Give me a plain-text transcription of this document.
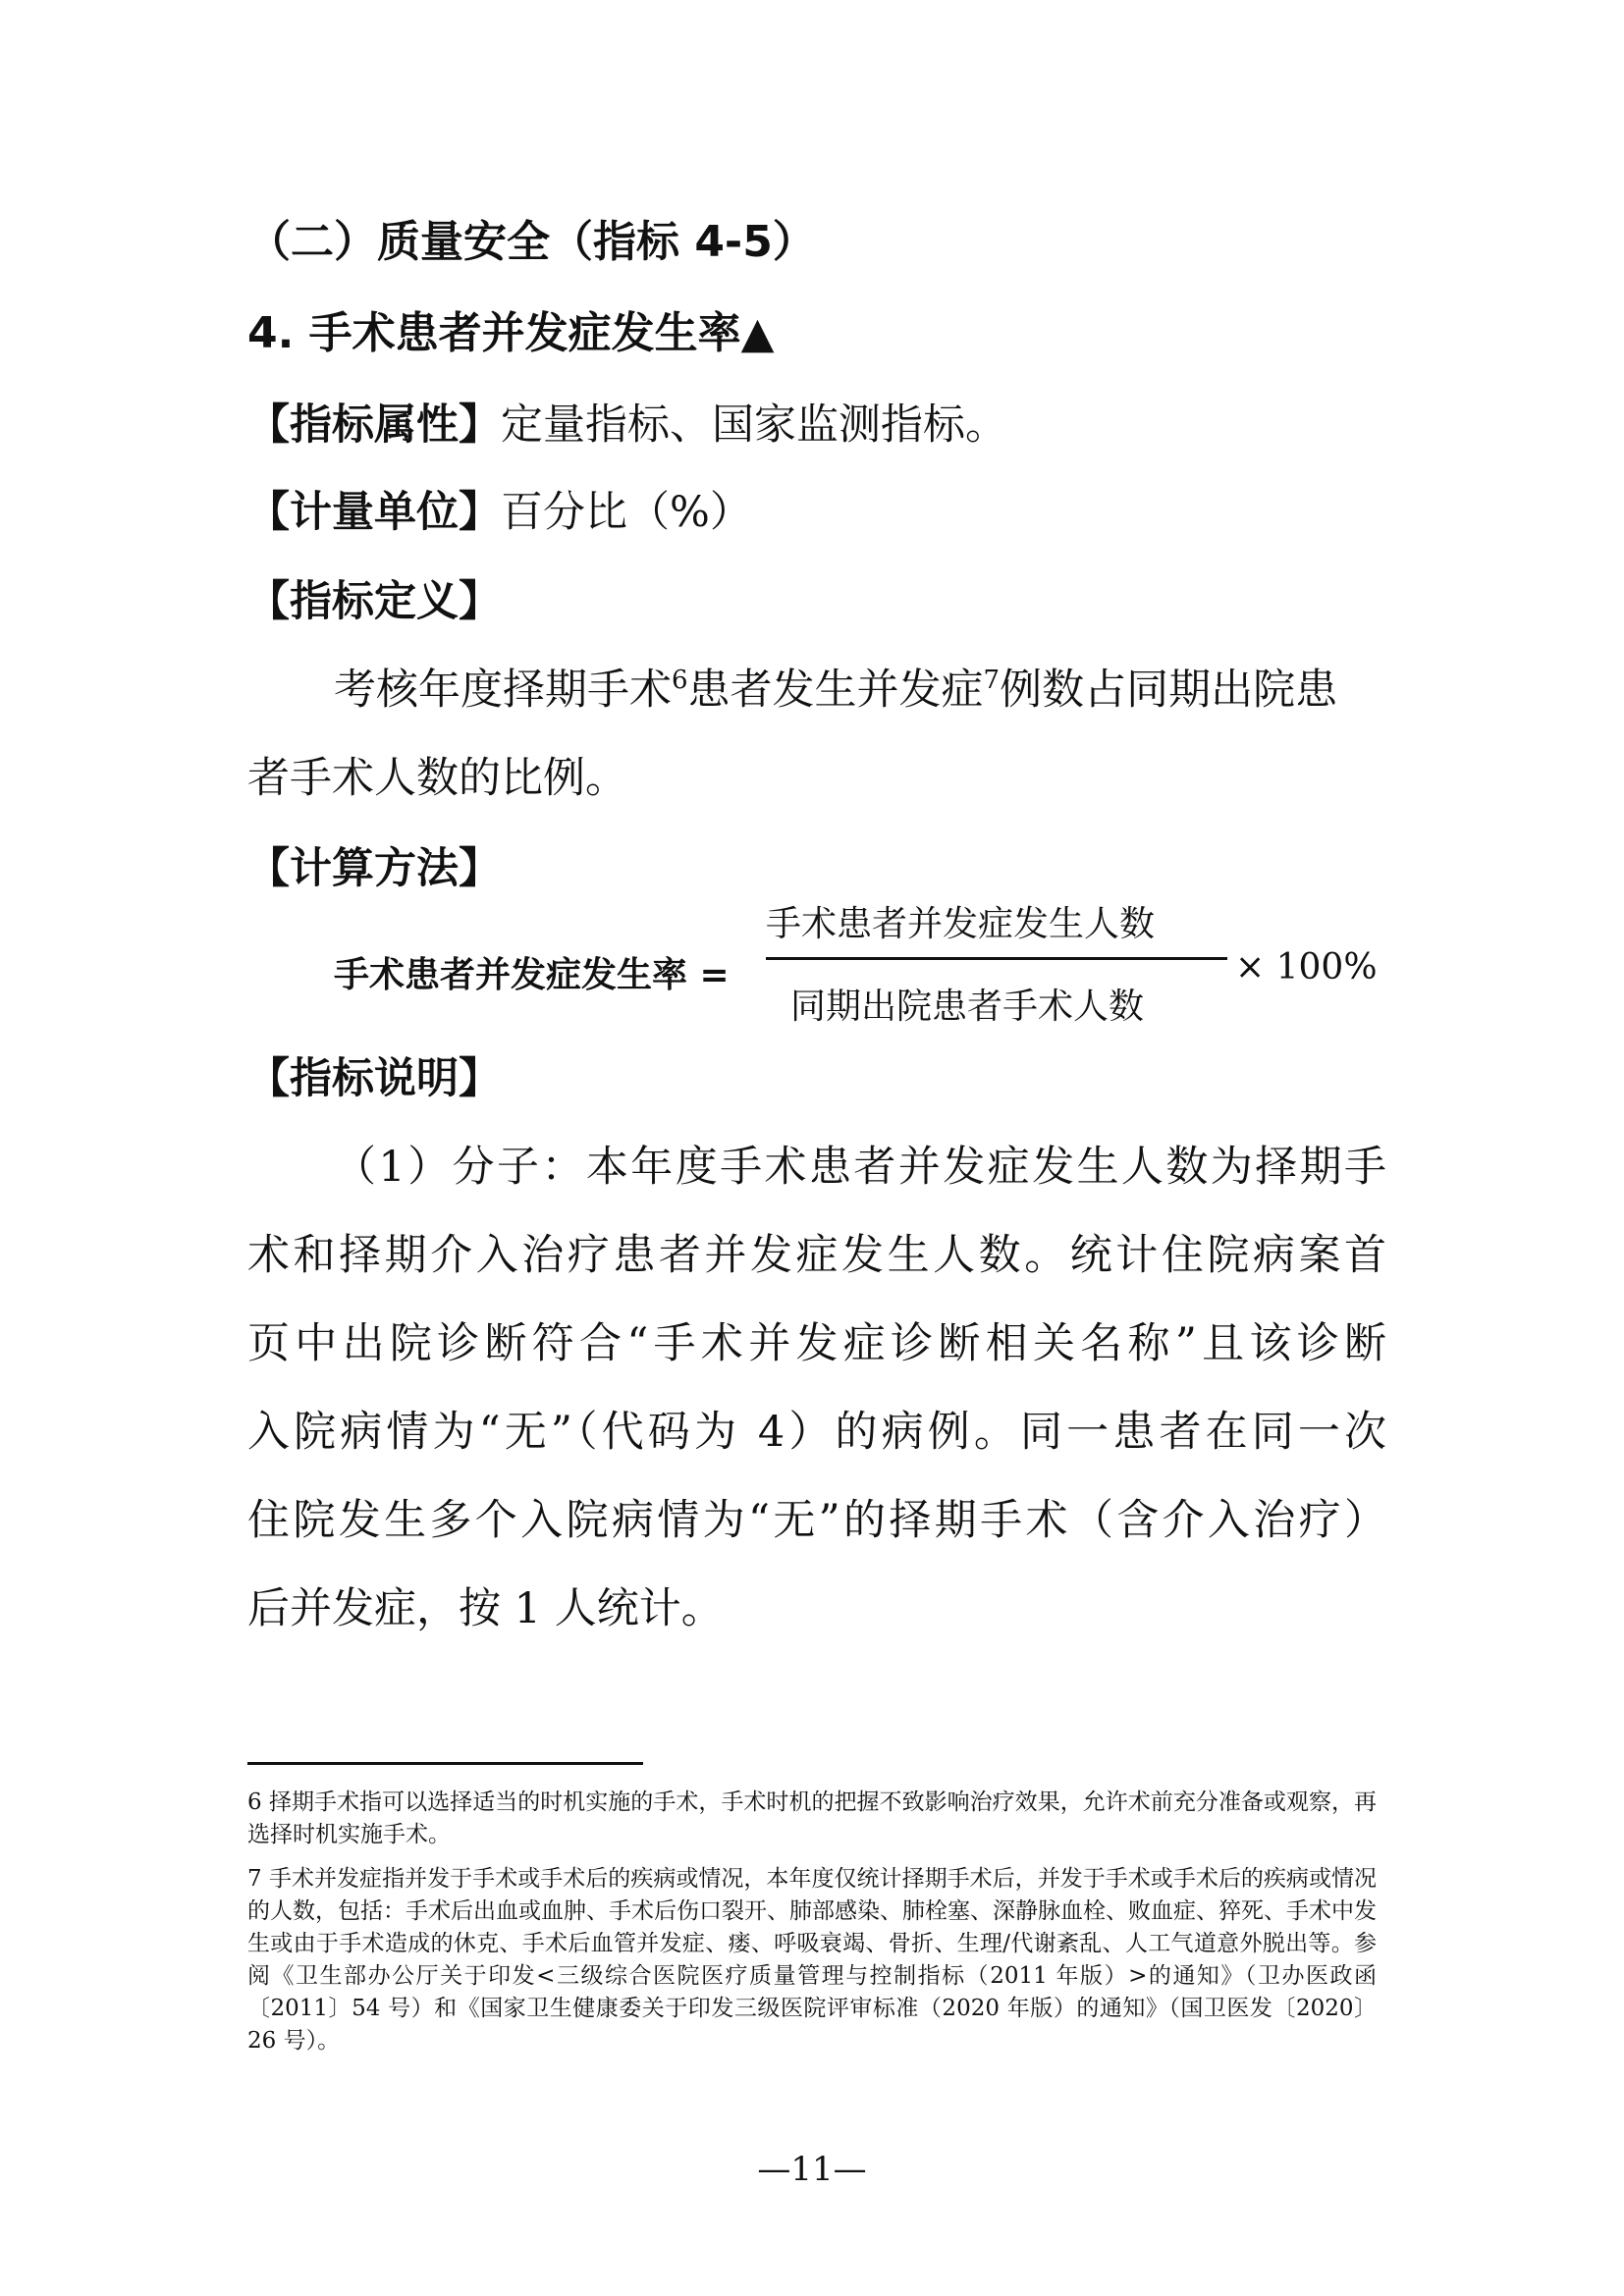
（二）质量安全（指标 4-5）
4. 手术患者并发症发生率▲
【指标属性】定量指标、国家监测指标。
【计量单位】百分比（%）
【指标定义】
考核年度择期手术$^6$患者发生并发症$^7$例数占同期出院患
者手术人数的比例。
【计算方法】
手术患者并发症发生率 =
手术患者并发症发生人数
同期出院患者手术人数
× 100%
【指标说明】
（1）分子：本年度手术患者并发症发生人数为择期手
术和择期介入治疗患者并发症发生人数。统计住院病案首
页中出院诊断符合“手术并发症诊断相关名称”且该诊断
入院病情为“无”（代码为 4）的病例。同一患者在同一次
住院发生多个入院病情为“无”的择期手术（含介入治疗）
后并发症，按 1 人统计。
6 择期手术指可以选择适当的时机实施的手术，手术时机的把握不致影响治疗效果，允许术前充分准备或观察，再选择时机实施手术。
7 手术并发症指并发于手术或手术后的疾病或情况，本年度仅统计择期手术后，并发于手术或手术后的疾病或情况的人数，包括：手术后出血或血肿、手术后伤口裂开、肺部感染、肺栓塞、深静脉血栓、败血症、猝死、手术中发生或由于手术造成的休克、手术后血管并发症、瘘、呼吸衰竭、骨折、生理/代谢紊乱、人工气道意外脱出等。参阅《卫生部办公厅关于印发<三级综合医院医疗质量管理与控制指标（2011 年版）>的通知》（卫办医政函〔2011〕54 号）和《国家卫生健康委关于印发三级医院评审标准（2020 年版）的通知》（国卫医发〔2020〕26 号）。
—11—
